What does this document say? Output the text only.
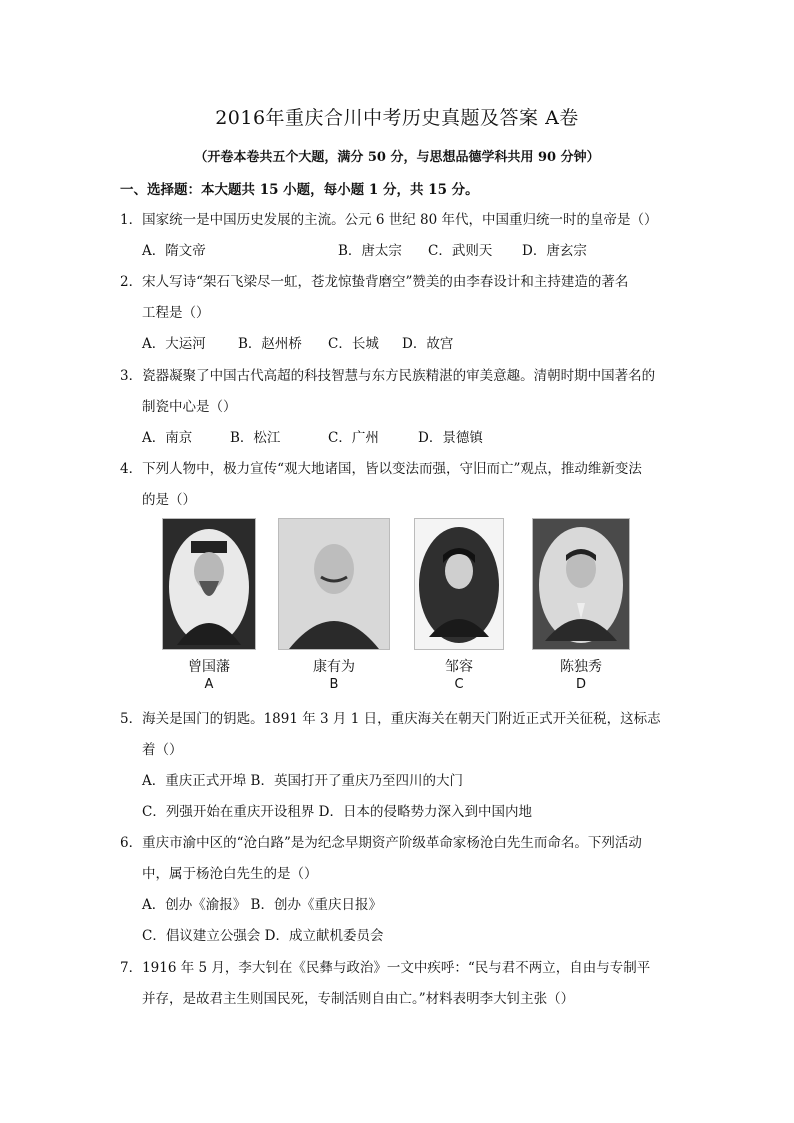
2016年重庆合川中考历史真题及答案 A卷
（开卷本卷共五个大题，满分 50 分，与思想品德学科共用 90 分钟）
一、选择题：本大题共 15 小题，每小题 1 分，共 15 分。
1．国家统一是中国历史发展的主流。公元 6 世纪 80 年代，中国重归统一时的皇帝是（）
A．隋文帝	B．唐太宗 C．武则天 D．唐玄宗
2．宋人写诗“架石飞梁尽一虹，苍龙惊蛰背磨空”赞美的由李春设计和主持建造的著名
工程是（）
A．大运河 B．赵州桥 C．长城 D．故宫
3．瓷器凝聚了中国古代高超的科技智慧与东方民族精湛的审美意趣。清朝时期中国著名的
制瓷中心是（）
A．南京	B．松江	C．广州	D．景德镇
4．下列人物中，极力宣传“观大地诸国，皆以变法而强，守旧而亡”观点，推动维新变法
的是（）
曾国藩
A
康有为
B
邹容
C
陈独秀
D
5．海关是国门的钥匙。1891 年 3 月 1 日，重庆海关在朝天门附近正式开关征税，这标志
着（）
A．重庆正式开埠 B．英国打开了重庆乃至四川的大门
C．列强开始在重庆开设租界 D．日本的侵略势力深入到中国内地
6．重庆市渝中区的“沧白路”是为纪念早期资产阶级革命家杨沧白先生而命名。下列活动
中，属于杨沧白先生的是（）
A．创办《渝报》 B．创办《重庆日报》
C．倡议建立公强会 D．成立献机委员会
7．1916 年 5 月，李大钊在《民彝与政治》一文中疾呼：“民与君不两立，自由与专制平
并存，是故君主生则国民死，专制活则自由亡。”材料表明李大钊主张（）
